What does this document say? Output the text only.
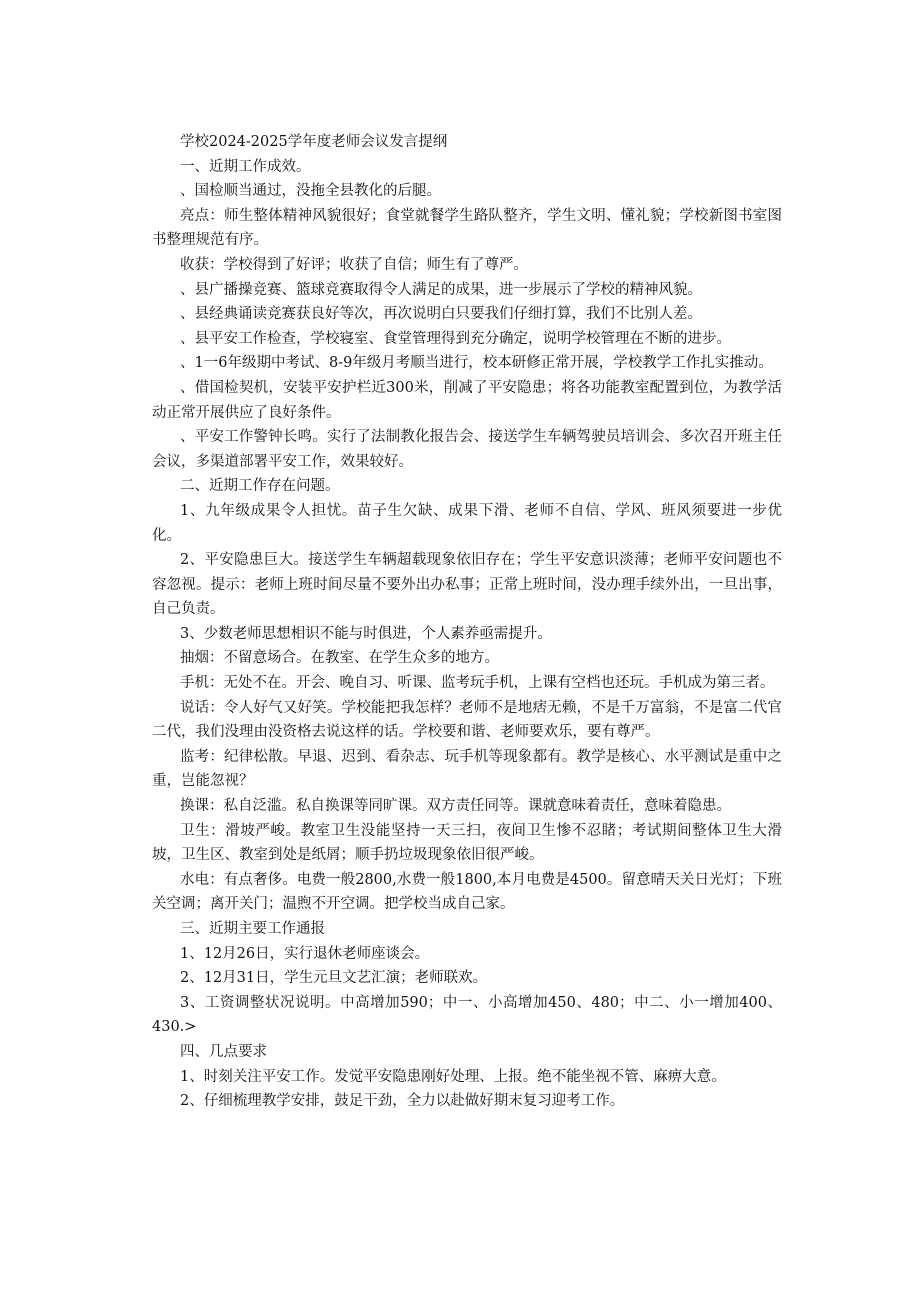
学校2024-2025学年度老师会议发言提纲

一、近期工作成效。

、国检顺当通过，没拖全县教化的后腿。

亮点：师生整体精神风貌很好；食堂就餐学生路队整齐，学生文明、懂礼貌；学校新图书室图书整理规范有序。

收获：学校得到了好评；收获了自信；师生有了尊严。

、县广播操竞赛、篮球竞赛取得令人满足的成果，进一步展示了学校的精神风貌。

、县经典诵读竞赛获良好等次，再次说明白只要我们仔细打算，我们不比别人差。

、县平安工作检查，学校寝室、食堂管理得到充分确定，说明学校管理在不断的进步。

、1一6年级期中考试、8-9年级月考顺当进行，校本研修正常开展，学校教学工作扎实推动。

、借国检契机，安装平安护栏近300米，削减了平安隐患；将各功能教室配置到位，为教学活动正常开展供应了良好条件。

、平安工作警钟长鸣。实行了法制教化报告会、接送学生车辆驾驶员培训会、多次召开班主任会议，多渠道部署平安工作，效果较好。

二、近期工作存在问题。

1、九年级成果令人担忧。苗子生欠缺、成果下滑、老师不自信、学风、班风须要进一步优化。

2、平安隐患巨大。接送学生车辆超载现象依旧存在；学生平安意识淡薄；老师平安问题也不容忽视。提示：老师上班时间尽量不要外出办私事；正常上班时间，没办理手续外出，一旦出事，自己负责。

3、少数老师思想相识不能与时俱进，个人素养亟需提升。

抽烟：不留意场合。在教室、在学生众多的地方。

手机：无处不在。开会、晚自习、听课、监考玩手机，上课有空档也还玩。手机成为第三者。

说话：令人好气又好笑。学校能把我怎样？老师不是地痞无赖，不是千万富翁，不是富二代官二代，我们没理由没资格去说这样的话。学校要和谐、老师要欢乐，要有尊严。

监考：纪律松散。早退、迟到、看杂志、玩手机等现象都有。教学是核心、水平测试是重中之重，岂能忽视？

换课：私自泛滥。私自换课等同旷课。双方责任同等。课就意味着责任，意味着隐患。

卫生：滑坡严峻。教室卫生没能坚持一天三扫，夜间卫生惨不忍睹；考试期间整体卫生大滑坡，卫生区、教室到处是纸屑；顺手扔垃圾现象依旧很严峻。

水电：有点奢侈。电费一般2800,水费一般1800,本月电费是4500。留意晴天关日光灯；下班关空调；离开关门；温煦不开空调。把学校当成自己家。

三、近期主要工作通报

1、12月26日，实行退休老师座谈会。

2、12月31日，学生元旦文艺汇演；老师联欢。

3、工资调整状况说明。中高增加590；中一、小高增加450、480；中二、小一增加400、430.>

四、几点要求

1、时刻关注平安工作。发觉平安隐患刚好处理、上报。绝不能坐视不管、麻痹大意。

2、仔细梳理教学安排，鼓足干劲，全力以赴做好期末复习迎考工作。
